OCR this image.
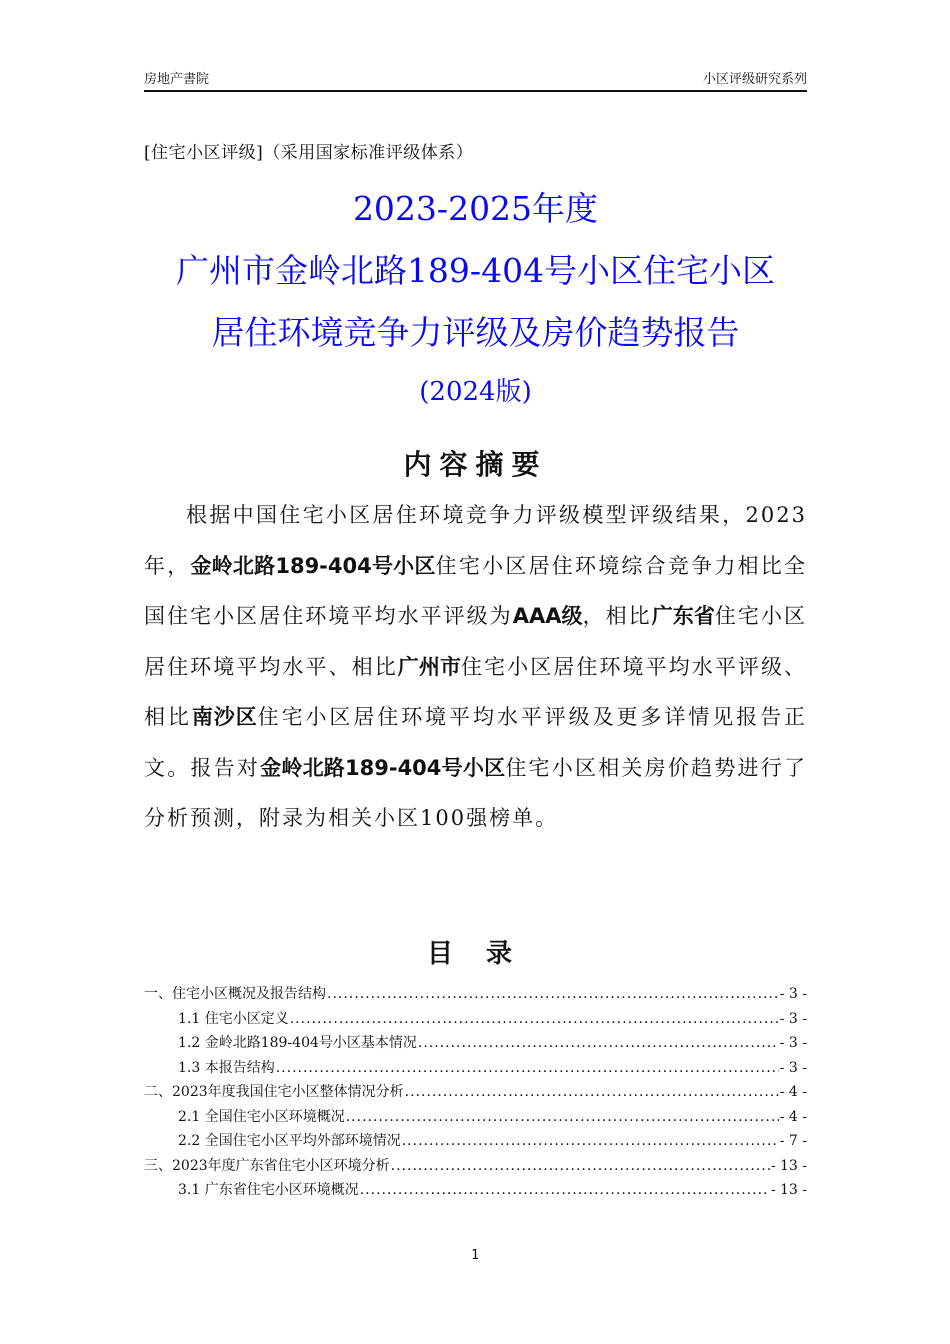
房地产書院	小区评级研究系列
[住宅小区评级]（采用国家标准评级体系）
2023-2025年度
广州市金岭北路189-404号小区住宅小区
居住环境竞争力评级及房价趋势报告
(2024版)
内容摘要

根据中国住宅小区居住环境竞争力评级模型评级结果，2023年，金岭北路189-404号小区住宅小区居住环境综合竞争力相比全国住宅小区居住环境平均水平评级为AAA级，相比广东省住宅小区居住环境平均水平、相比广州市住宅小区居住环境平均水平评级、相比南沙区住宅小区居住环境平均水平评级及更多详情见报告正文。报告对金岭北路189-404号小区住宅小区相关房价趋势进行了分析预测，附录为相关小区100强榜单。

目 录
一、住宅小区概况及报告结构 .....	- 3 -
1.1 住宅小区定义 .....	- 3 -
1.2 金岭北路189-404号小区基本情况 .....	- 3 -
1.3 本报告结构 .....	- 3 -
二、2023年度我国住宅小区整体情况分析 .....	- 4 -
2.1 全国住宅小区环境概况 .....	- 4 -
2.2 全国住宅小区平均外部环境情况 .....	- 7 -
三、2023年度广东省住宅小区环境分析 .....	- 13 -
3.1 广东省住宅小区环境概况 .....	- 13 -
1
